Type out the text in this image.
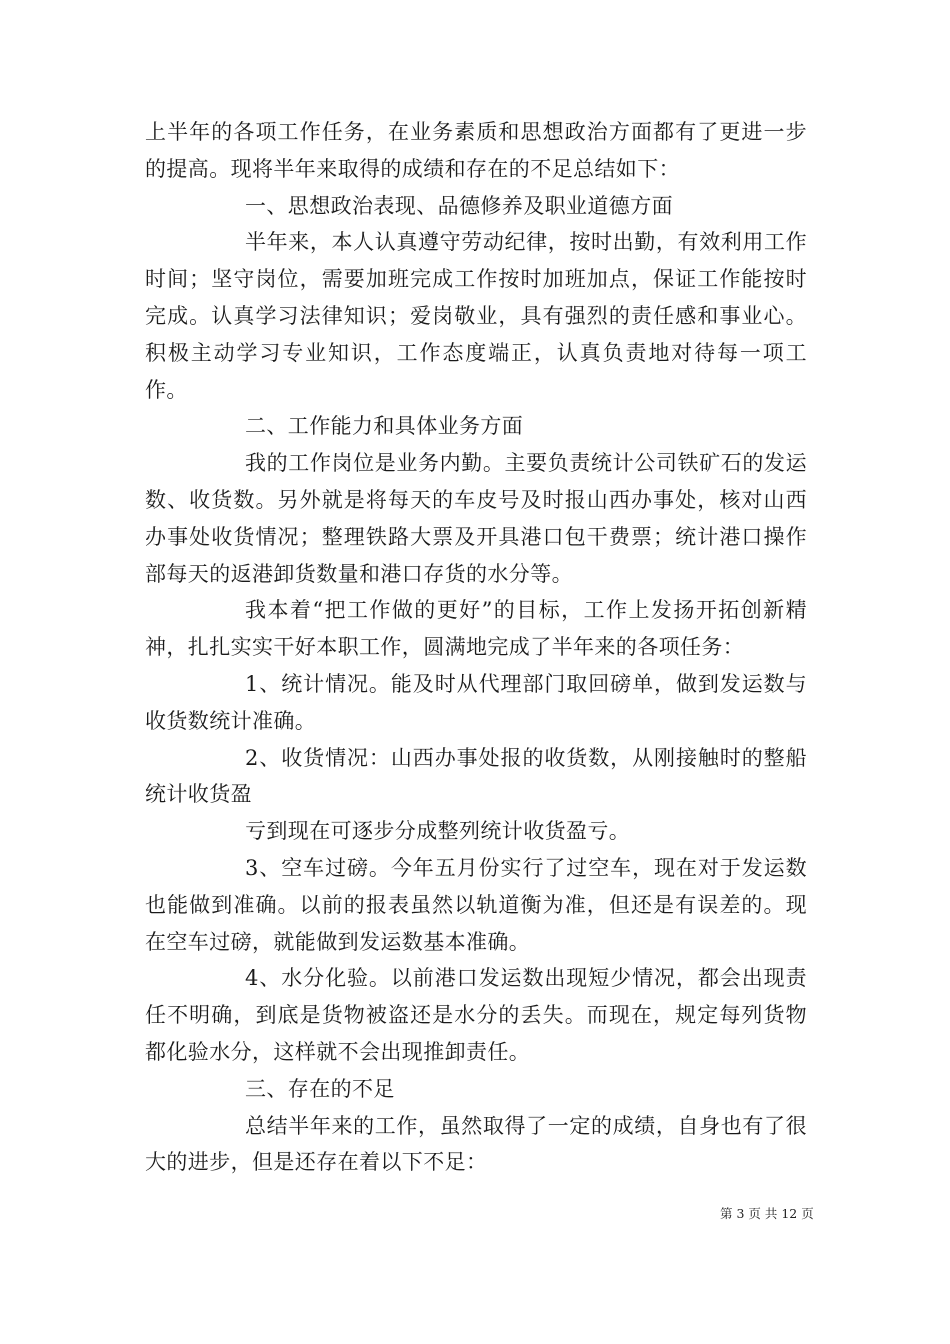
上半年的各项工作任务，在业务素质和思想政治方面都有了更进一步的提高。现将半年来取得的成绩和存在的不足总结如下：

一、思想政治表现、品德修养及职业道德方面

半年来，本人认真遵守劳动纪律，按时出勤，有效利用工作时间；坚守岗位，需要加班完成工作按时加班加点，保证工作能按时完成。认真学习法律知识；爱岗敬业，具有强烈的责任感和事业心。积极主动学习专业知识，工作态度端正，认真负责地对待每一项工作。

二、工作能力和具体业务方面

我的工作岗位是业务内勤。主要负责统计公司铁矿石的发运数、收货数。另外就是将每天的车皮号及时报山西办事处，核对山西办事处收货情况；整理铁路大票及开具港口包干费票；统计港口操作部每天的返港卸货数量和港口存货的水分等。

我本着“把工作做的更好”的目标，工作上发扬开拓创新精神，扎扎实实干好本职工作，圆满地完成了半年来的各项任务：

1、统计情况。能及时从代理部门取回磅单，做到发运数与收货数统计准确。

2、收货情况：山西办事处报的收货数，从刚接触时的整船统计收货盈

亏到现在可逐步分成整列统计收货盈亏。

3、空车过磅。今年五月份实行了过空车，现在对于发运数也能做到准确。以前的报表虽然以轨道衡为准，但还是有误差的。现在空车过磅，就能做到发运数基本准确。

4、水分化验。以前港口发运数出现短少情况，都会出现责任不明确，到底是货物被盗还是水分的丢失。而现在，规定每列货物都化验水分，这样就不会出现推卸责任。

三、存在的不足

总结半年来的工作，虽然取得了一定的成绩，自身也有了很大的进步，但是还存在着以下不足：

第 3 页 共 12 页
